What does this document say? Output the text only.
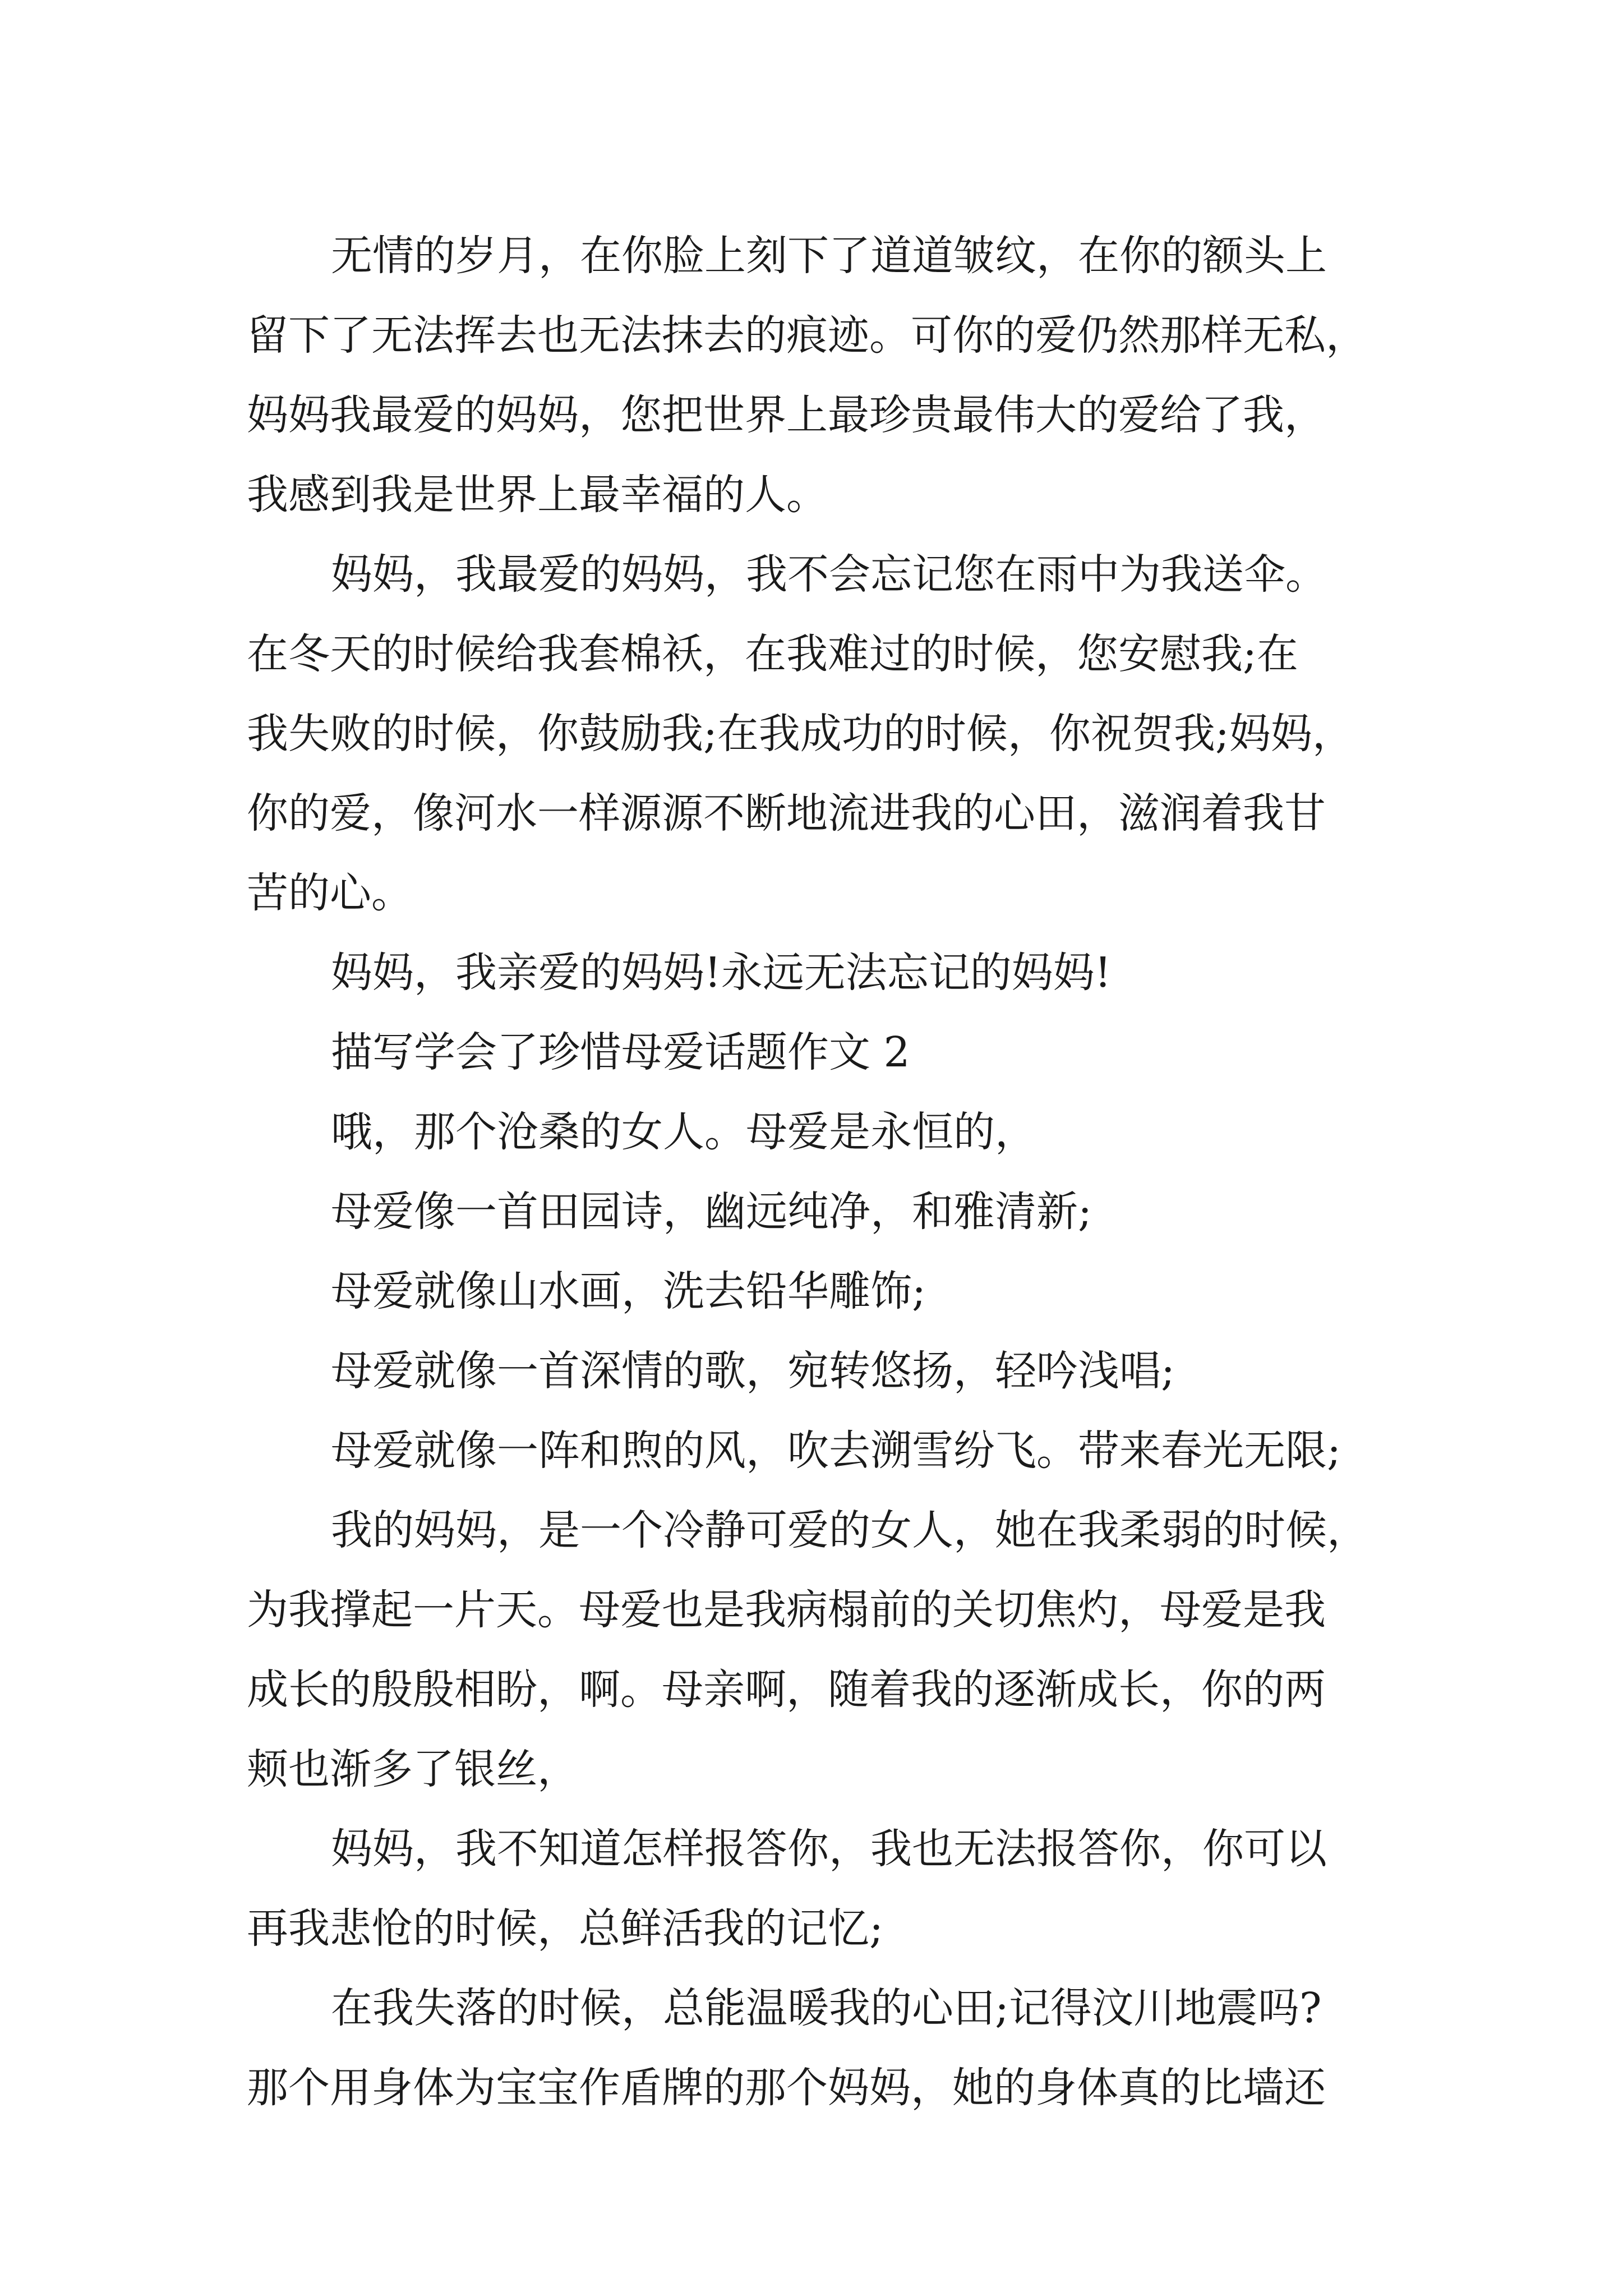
无情的岁月，在你脸上刻下了道道皱纹，在你的额头上
留下了无法挥去也无法抹去的痕迹。可你的爱仍然那样无私，
妈妈我最爱的妈妈，您把世界上最珍贵最伟大的爱给了我，
我感到我是世界上最幸福的人。
妈妈，我最爱的妈妈，我不会忘记您在雨中为我送伞。
在冬天的时候给我套棉袄，在我难过的时候，您安慰我;在
我失败的时候，你鼓励我;在我成功的时候，你祝贺我;妈妈，
你的爱，像河水一样源源不断地流进我的心田，滋润着我甘
苦的心。
妈妈，我亲爱的妈妈!永远无法忘记的妈妈!
描写学会了珍惜母爱话题作文 2
哦，那个沧桑的女人。母爱是永恒的，
母爱像一首田园诗，幽远纯净，和雅清新;
母爱就像山水画，洗去铅华雕饰;
母爱就像一首深情的歌，宛转悠扬，轻吟浅唱;
母爱就像一阵和煦的风，吹去溯雪纷飞。带来春光无限;
我的妈妈，是一个冷静可爱的女人，她在我柔弱的时候，
为我撑起一片天。母爱也是我病榻前的关切焦灼，母爱是我
成长的殷殷相盼，啊。母亲啊，随着我的逐渐成长，你的两
颊也渐多了银丝，
妈妈，我不知道怎样报答你，我也无法报答你，你可以
再我悲怆的时候，总鲜活我的记忆;
在我失落的时候，总能温暖我的心田;记得汶川地震吗?
那个用身体为宝宝作盾牌的那个妈妈，她的身体真的比墙还
